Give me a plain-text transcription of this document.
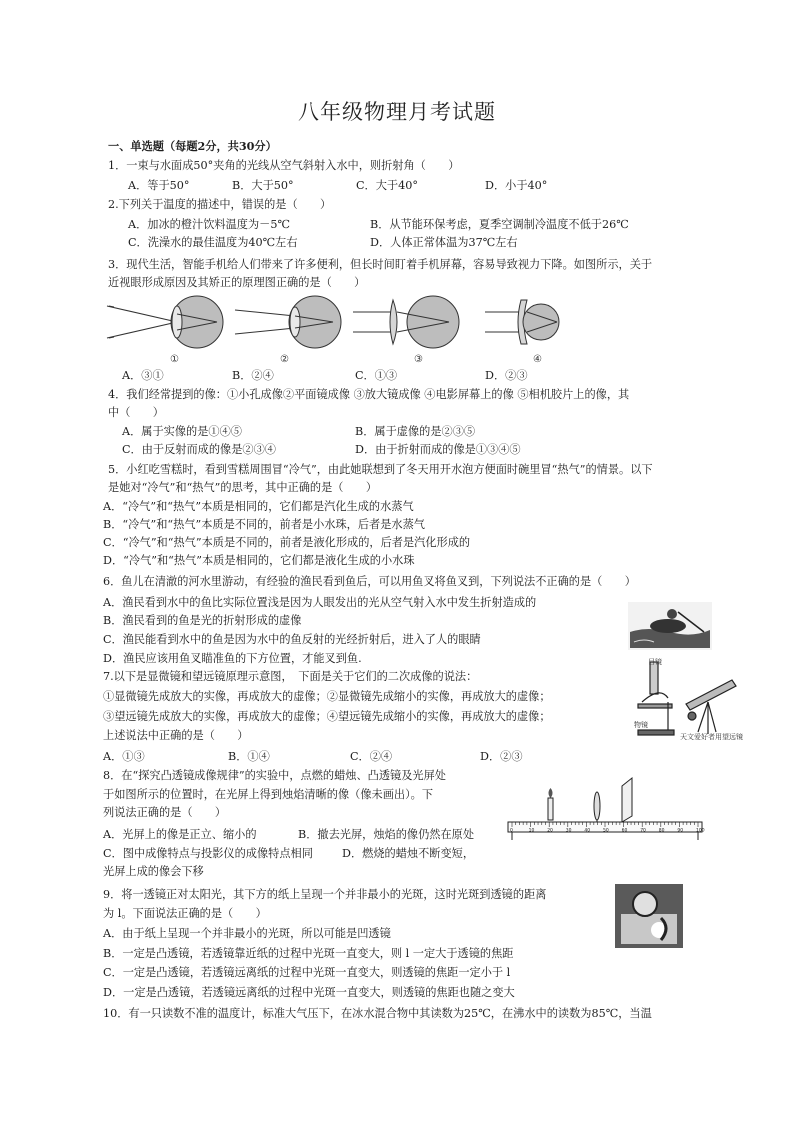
八年级物理月考试题
一、单选题（每题2分，共30分）
1．一束与水面成50°夹角的光线从空气斜射入水中，则折射角（　　）
A．等于50°	B．大于50°	C．大于40°	D．小于40°
2.下列关于温度的描述中，错误的是（　　）
A．加冰的橙汁饮料温度为－5℃	B．从节能环保考虑，夏季空调制冷温度不低于26℃
C．洗澡水的最佳温度为40℃左右	D．人体正常体温为37℃左右
3．现代生活，智能手机给人们带来了许多便利，但长时间盯着手机屏幕，容易导致视力下降。如图所示，关于
近视眼形成原因及其矫正的原理图正确的是（　　）
①	②	③	④
A．③①	B．②④	C．①③	D．②③
4．我们经常提到的像：①小孔成像②平面镜成像 ③放大镜成像 ④电影屏幕上的像 ⑤相机胶片上的像，其
中（　　）
A．属于实像的是①④⑤	B．属于虚像的是②③⑤
C．由于反射而成的像是②③④	D．由于折射而成的像是①③④⑤
5．小红吃雪糕时，看到雪糕周围冒“冷气”，由此她联想到了冬天用开水泡方便面时碗里冒“热气”的情景。以下
是她对“冷气”和“热气”的思考，其中正确的是（　　）
A．“冷气”和“热气”本质是相同的，它们都是汽化生成的水蒸气
B．“冷气”和“热气”本质是不同的，前者是小水珠，后者是水蒸气
C．“冷气”和“热气”本质是不同的，前者是液化形成的，后者是汽化形成的
D．“冷气”和“热气”本质是相同的，它们都是液化生成的小水珠
6．鱼儿在清澈的河水里游动，有经验的渔民看到鱼后，可以用鱼叉将鱼叉到，下列说法不正确的是（　　）
A．渔民看到水中的鱼比实际位置浅是因为人眼发出的光从空气射入水中发生折射造成的
B．渔民看到的鱼是光的折射形成的虚像
C．渔民能看到水中的鱼是因为水中的鱼反射的光经折射后，进入了人的眼睛
D．渔民应该用鱼叉瞄准鱼的下方位置，才能叉到鱼.
7.以下是显微镜和望远镜原理示意图，　下面是关于它们的二次成像的说法：
①显微镜先成放大的实像，再成放大的虚像；②显微镜先成缩小的实像，再成放大的虚像；
③望远镜先成放大的实像，再成放大的虚像；④望远镜先成缩小的实像，再成放大的虚像；
上述说法中正确的是（　　）
A．①③	B．①④	C．②④	D．②③
目镜
物镜
天文爱好者用望远镜
8．在“探究凸透镜成像规律”的实验中，点燃的蜡烛、凸透镜及光屏处
于如图所示的位置时，在光屏上得到烛焰清晰的像（像未画出）。下
列说法正确的是（　　）
A．光屏上的像是正立、缩小的	B．撤去光屏，烛焰的像仍然在原处
C．图中成像特点与投影仪的成像特点相同	D．燃烧的蜡烛不断变短，
光屏上成的像会下移
0	10	20	30	40	50	60	70	80	90	100
9．将一透镜正对太阳光，其下方的纸上呈现一个并非最小的光斑，这时光斑到透镜的距离
为 l。下面说法正确的是（　　）
A．由于纸上呈现一个并非最小的光斑，所以可能是凹透镜
B．一定是凸透镜，若透镜靠近纸的过程中光斑一直变大，则 l 一定大于透镜的焦距
C．一定是凸透镜，若透镜远离纸的过程中光斑一直变大，则透镜的焦距一定小于 l
D．一定是凸透镜，若透镜远离纸的过程中光斑一直变大，则透镜的焦距也随之变大
10．有一只读数不准的温度计，标准大气压下，在冰水混合物中其读数为25℃，在沸水中的读数为85℃，当温
